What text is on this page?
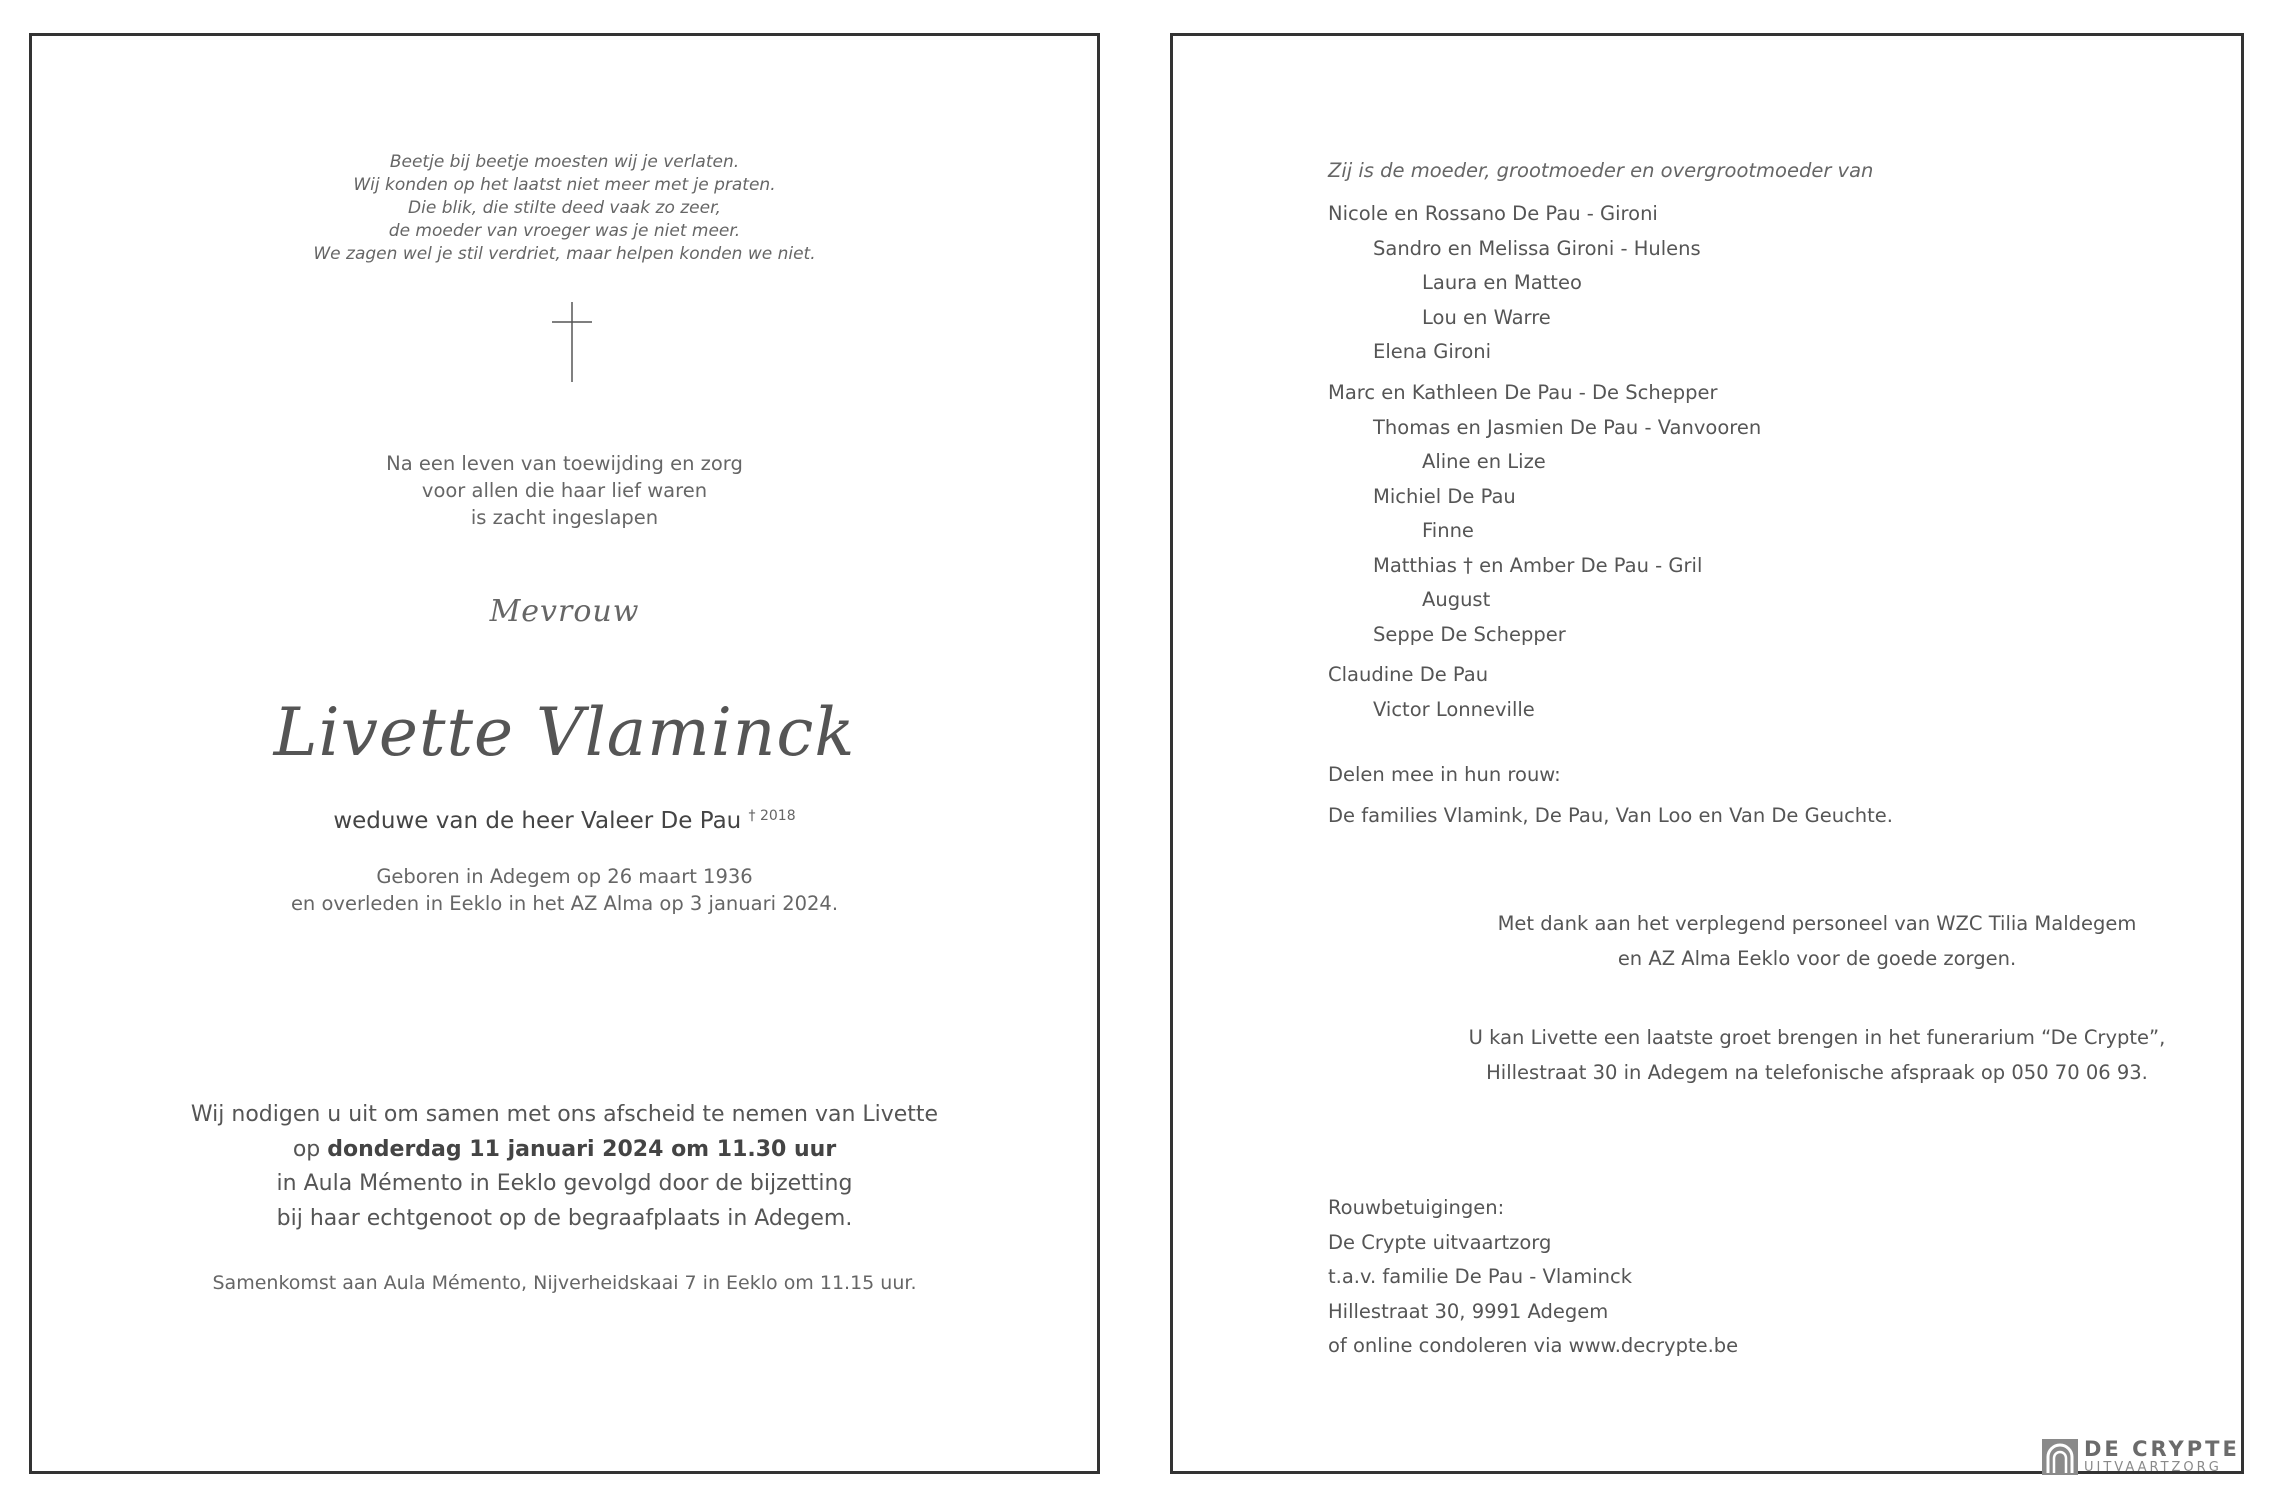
Beetje bij beetje moesten wij je verlaten.
Wij konden op het laatst niet meer met je praten.
Die blik, die stilte deed vaak zo zeer,
de moeder van vroeger was je niet meer.
We zagen wel je stil verdriet, maar helpen konden we niet.
Na een leven van toewijding en zorg
voor allen die haar lief waren
is zacht ingeslapen
Mevrouw
Livette Vlaminck
weduwe van de heer Valeer De Pau $^{\dagger 2018}$
Geboren in Adegem op 26 maart 1936
en overleden in Eeklo in het AZ Alma op 3 januari 2024.
Wij nodigen u uit om samen met ons afscheid te nemen van Livette
op donderdag 11 januari 2024 om 11.30 uur
in Aula Mémento in Eeklo gevolgd door de bijzetting
bij haar echtgenoot op de begraafplaats in Adegem.
Samenkomst aan Aula Mémento, Nijverheidskaai 7 in Eeklo om 11.15 uur.
Zij is de moeder, grootmoeder en overgrootmoeder van
Nicole en Rossano De Pau - Gironi
Sandro en Melissa Gironi - Hulens
Laura en Matteo
Lou en Warre
Elena Gironi
Marc en Kathleen De Pau - De Schepper
Thomas en Jasmien De Pau - Vanvooren
Aline en Lize
Michiel De Pau
Finne
Matthias † en Amber De Pau - Gril
August
Seppe De Schepper
Claudine De Pau
Victor Lonneville
Delen mee in hun rouw:
De families Vlamink, De Pau, Van Loo en Van De Geuchte.
Met dank aan het verplegend personeel van WZC Tilia Maldegem
en AZ Alma Eeklo voor de goede zorgen.
U kan Livette een laatste groet brengen in het funerarium “De Crypte”,
Hillestraat 30 in Adegem na telefonische afspraak op 050 70 06 93.
Rouwbetuigingen:
De Crypte uitvaartzorg
t.a.v. familie De Pau - Vlaminck
Hillestraat 30, 9991 Adegem
of online condoleren via www.decrypte.be
DE CRYPTE
UITVAARTZORG
